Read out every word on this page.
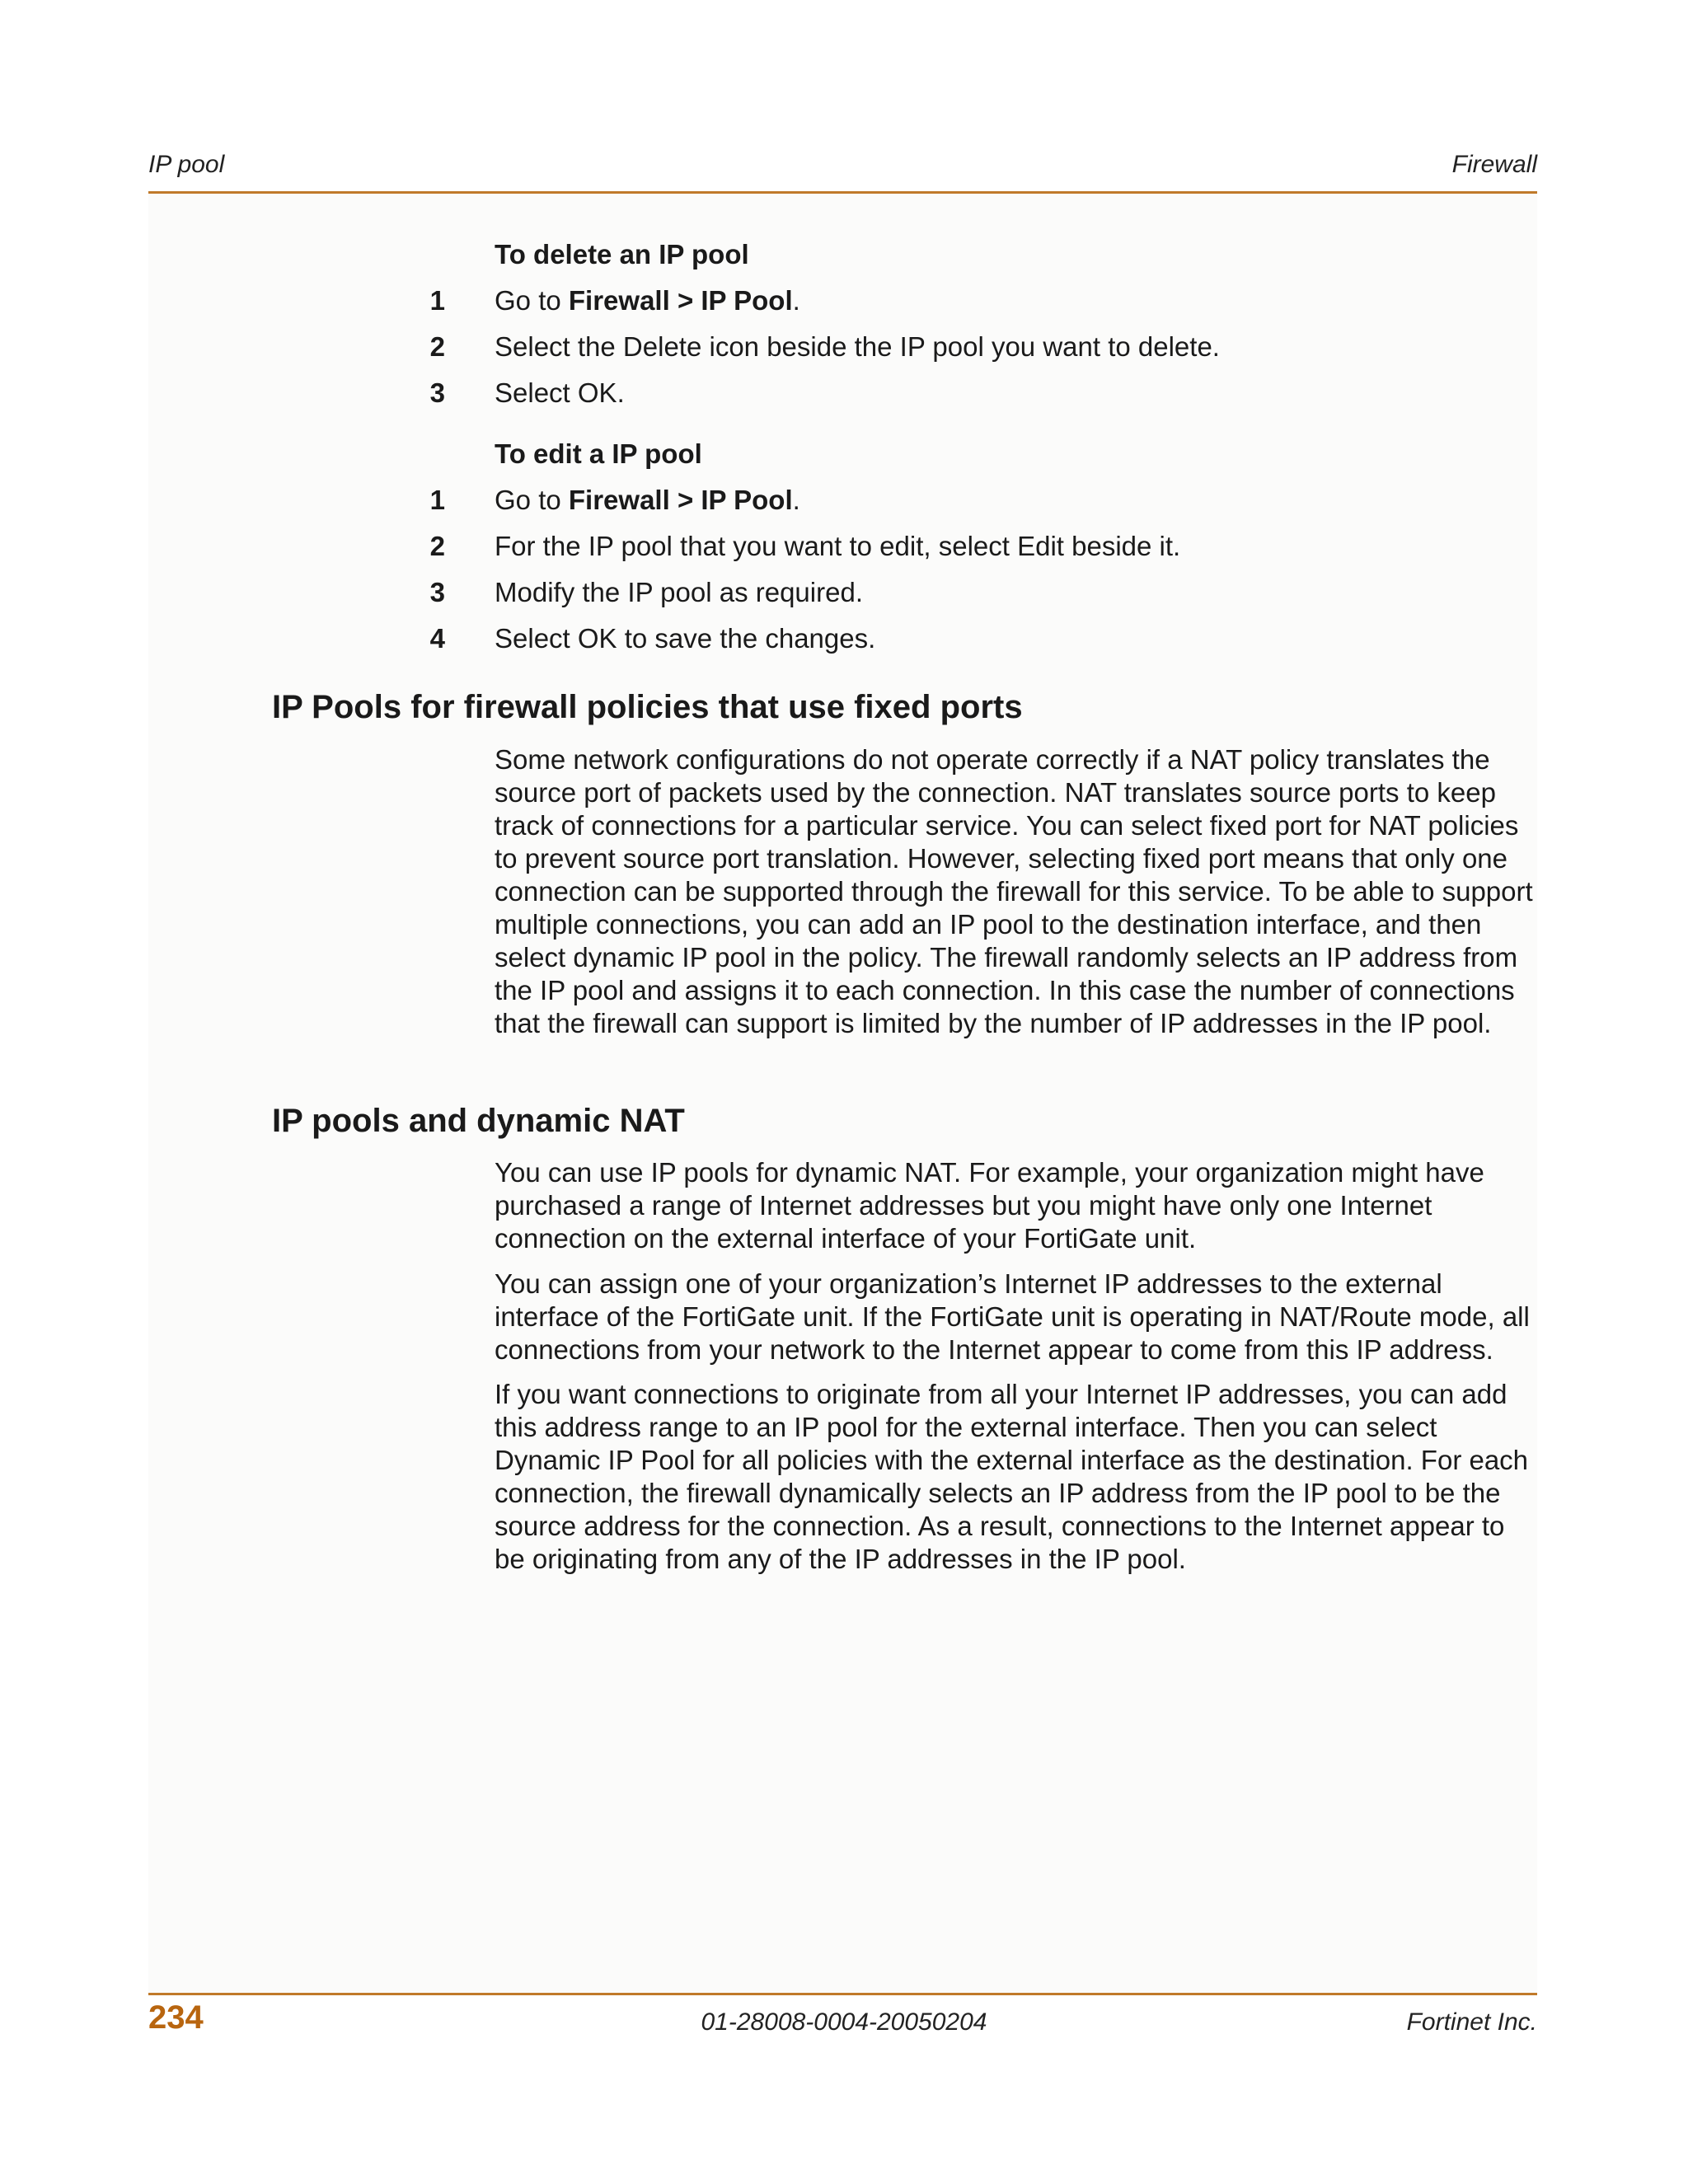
IP pool	Firewall
To delete an IP pool
1 Go to Firewall > IP Pool.
2 Select the Delete icon beside the IP pool you want to delete.
3 Select OK.
To edit a IP pool
1 Go to Firewall > IP Pool.
2 For the IP pool that you want to edit, select Edit beside it.
3 Modify the IP pool as required.
4 Select OK to save the changes.
IP Pools for firewall policies that use fixed ports
Some network configurations do not operate correctly if a NAT policy translates the source port of packets used by the connection. NAT translates source ports to keep track of connections for a particular service. You can select fixed port for NAT policies to prevent source port translation. However, selecting fixed port means that only one connection can be supported through the firewall for this service. To be able to support multiple connections, you can add an IP pool to the destination interface, and then select dynamic IP pool in the policy. The firewall randomly selects an IP address from the IP pool and assigns it to each connection. In this case the number of connections that the firewall can support is limited by the number of IP addresses in the IP pool.
IP pools and dynamic NAT
You can use IP pools for dynamic NAT. For example, your organization might have purchased a range of Internet addresses but you might have only one Internet connection on the external interface of your FortiGate unit.
You can assign one of your organization’s Internet IP addresses to the external interface of the FortiGate unit. If the FortiGate unit is operating in NAT/Route mode, all connections from your network to the Internet appear to come from this IP address.
If you want connections to originate from all your Internet IP addresses, you can add this address range to an IP pool for the external interface. Then you can select Dynamic IP Pool for all policies with the external interface as the destination. For each connection, the firewall dynamically selects an IP address from the IP pool to be the source address for the connection. As a result, connections to the Internet appear to be originating from any of the IP addresses in the IP pool.
234	01-28008-0004-20050204	Fortinet Inc.
